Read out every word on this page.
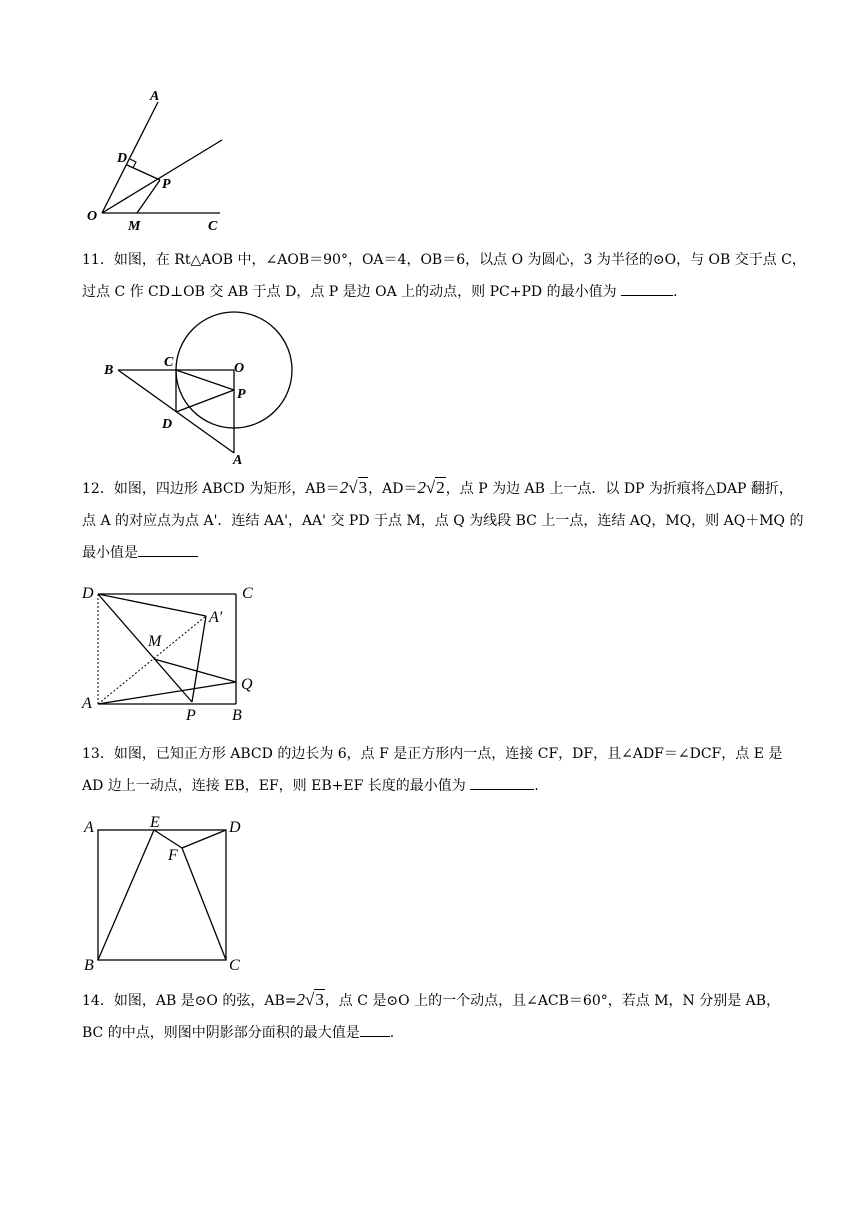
A
D
P
O
M	C

11．如图，在 Rt△AOB 中，∠AOB＝90°，OA＝4，OB＝6，以点 O 为圆心，3 为半径的⊙O，与 OB 交于点 C，

过点 C 作 CD⊥OB 交 AB 于点 D，点 P 是边 OA 上的动点，则 PC+PD 的最小值为	.

B
C	O
P
D
A

12．如图，四边形 ABCD 为矩形，AB＝2√3，AD＝2√2，点 P 为边 AB 上一点．以 DP 为折痕将△DAP 翻折，

点 A 的对应点为点 A'．连结 AA'，AA' 交 PD 于点 M，点 Q 为线段 BC 上一点，连结 AQ，MQ，则 AQ＋MQ 的

最小值是

D	C
A′
M
Q
A
P B

13．如图，已知正方形 ABCD 的边长为 6，点 F 是正方形内一点，连接 CF，DF，且∠ADF＝∠DCF，点 E 是

AD 边上一动点，连接 EB，EF，则 EB+EF 长度的最小值为	.

A	E	D
F
B	C

14．如图，AB 是⊙O 的弦，AB=2√3，点 C 是⊙O 上的一个动点，且∠ACB＝60°，若点 M，N 分别是 AB，

BC 的中点，则图中阴影部分面积的最大值是 .
